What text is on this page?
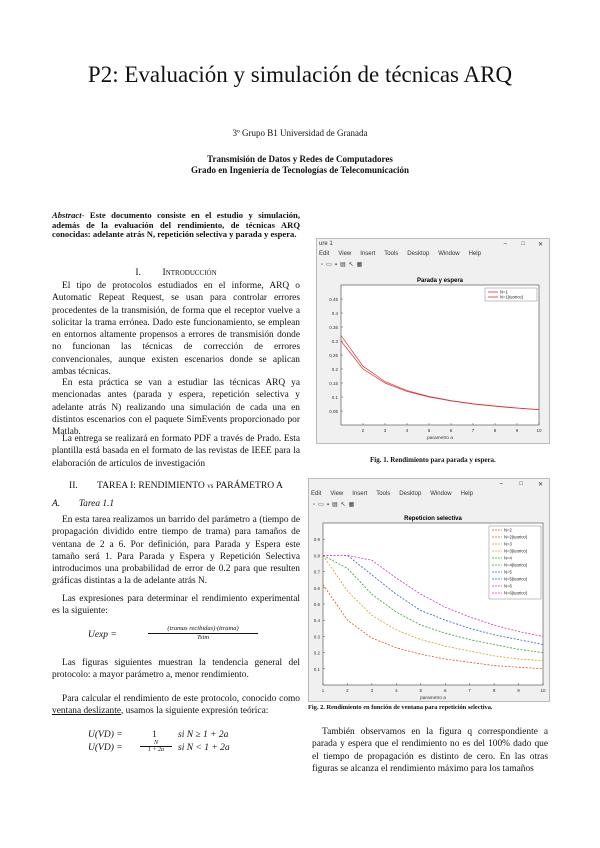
P2: Evaluación y simulación de técnicas ARQ
3º Grupo B1 Universidad de Granada
Transmisión de Datos y Redes de Computadores
Grado en Ingeniería de Tecnologías de Telecomunicación
Abstract- Este documento consiste en el estudio y simulación, además de la evaluación del rendimiento, de técnicas ARQ conocidas: adelante atrás N, repetición selectiva y parada y espera.
I. Introducción
El tipo de protocolos estudiados en el informe, ARQ o Automatic Repeat Request, se usan para controlar errores procedentes de la transmisión, de forma que el receptor vuelve a solicitar la trama errónea. Dado este funcionamiento, se emplean en entornos altamente propensos a errores de transmisión donde no funcionan las técnicas de corrección de errores convencionales, aunque existen escenarios donde se aplican ambas técnicas.
En esta práctica se van a estudiar las técnicas ARQ ya mencionadas antes (parada y espera, repetición selectiva y adelante atrás N) realizando una simulación de cada una en distintos escenarios con el paquete SimEvents proporcionado por Matlab.
La entrega se realizará en formato PDF a través de Prado. Esta plantilla está basada en el formato de las revistas de IEEE para la elaboración de artículos de investigación
II. TAREA I: RENDIMIENTO vs PARÁMETRO A
A. Tarea 1.1
En esta tarea realizamos un barrido del parámetro a (tiempo de propagación dividido entre tiempo de trama) para tamaños de ventana de 2 a 6. Por definición, para Parada y Espera este tamaño será 1. Para Parada y Espera y Repetición Selectiva introducimos una probabilidad de error de 0.2 para que resulten gráficas distintas a la de adelante atrás N.
Las expresiones para determinar el rendimiento experimental es la siguiente:
Uexp =
(tramas recibidas)·(ttrama)
Tsim
Las figuras siguientes muestran la tendencia general del protocolo: a mayor parámetro a, menor rendimiento.
Para calcular el rendimiento de este protocolo, conocido como ventana deslizante, usamos la siguiente expresión teórica:
U(VD) =	1 si N ≥ 1 + 2a
U(VD) =	$\frac{N}{1 + 2a}$ si N < 1 + 2a
ure 1	– □ ✕
Edit View Insert Tools Desktop Window Help
▫▭▪▤↖▦
Parada y espera
0.05
0.1
0.15
0.2
0.25
0.3
0.35
0.4
0.45
2	3	4	5	6	7	8	9	10
parametro a
N=1
N=1(teorico)
Fig. 1. Rendimiento para parada y espera.
–	□ ✕
Edit View Insert Tools Desktop Window Help
▫▭▪▤↖▦
Repeticion selectiva
0.1
0.2
0.3
0.4
0.5
0.6
0.7
0.8
0.9
1	2	3	4	5	6	7	8	9	10
parametro a
N=2
N=2(teorico)
N=3
N=3(teorico)
N=4
N=4(teorico)
N=5
N=5(teorico)
N=6
N=6(teorico)
Fig. 2. Rendimiento en función de ventana para repetición selectiva.
También observamos en la figura q correspondiente a parada y espera que el rendimiento no es del 100% dado que el tiempo de propagación es distinto de cero. En las otras figuras se alcanza el rendimiento máximo para los tamaños
